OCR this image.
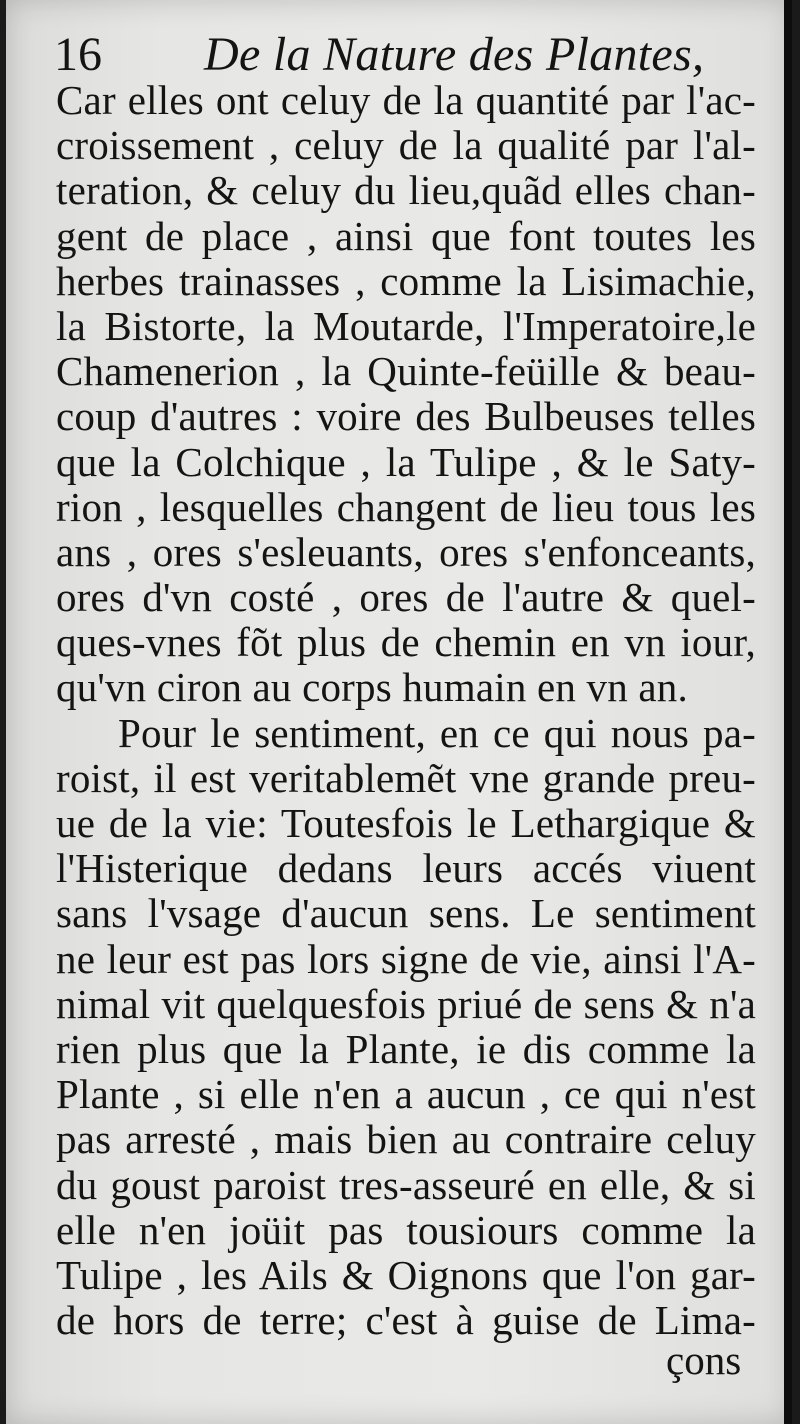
16 De la Nature des Plantes,
Car elles ont celuy de la quantité par l'ac-
croissement , celuy de la qualité par l'al-
teration, & celuy du lieu,quãd elles chan-
gent de place , ainsi que font toutes les
herbes trainasses , comme la Lisimachie,
la Bistorte, la Moutarde, l'Imperatoire,le
Chamenerion , la Quinte-feüille & beau-
coup d'autres : voire des Bulbeuses telles
que la Colchique , la Tulipe , & le Saty-
rion , lesquelles changent de lieu tous les
ans , ores s'esleuants, ores s'enfonceants,
ores d'vn costé , ores de l'autre & quel-
ques-vnes fõt plus de chemin en vn iour,
qu'vn ciron au corps humain en vn an.
Pour le sentiment, en ce qui nous pa-
roist, il est veritablemẽt vne grande preu-
ue de la vie: Toutesfois le Lethargique &
l'Histerique dedans leurs accés viuent
sans l'vsage d'aucun sens. Le sentiment
ne leur est pas lors signe de vie, ainsi l'A-
nimal vit quelquesfois priué de sens & n'a
rien plus que la Plante, ie dis comme la
Plante , si elle n'en a aucun , ce qui n'est
pas arresté , mais bien au contraire celuy
du goust paroist tres-asseuré en elle, & si
elle n'en joüit pas tousiours comme la
Tulipe , les Ails & Oignons que l'on gar-
de hors de terre; c'est à guise de Lima-
çons
